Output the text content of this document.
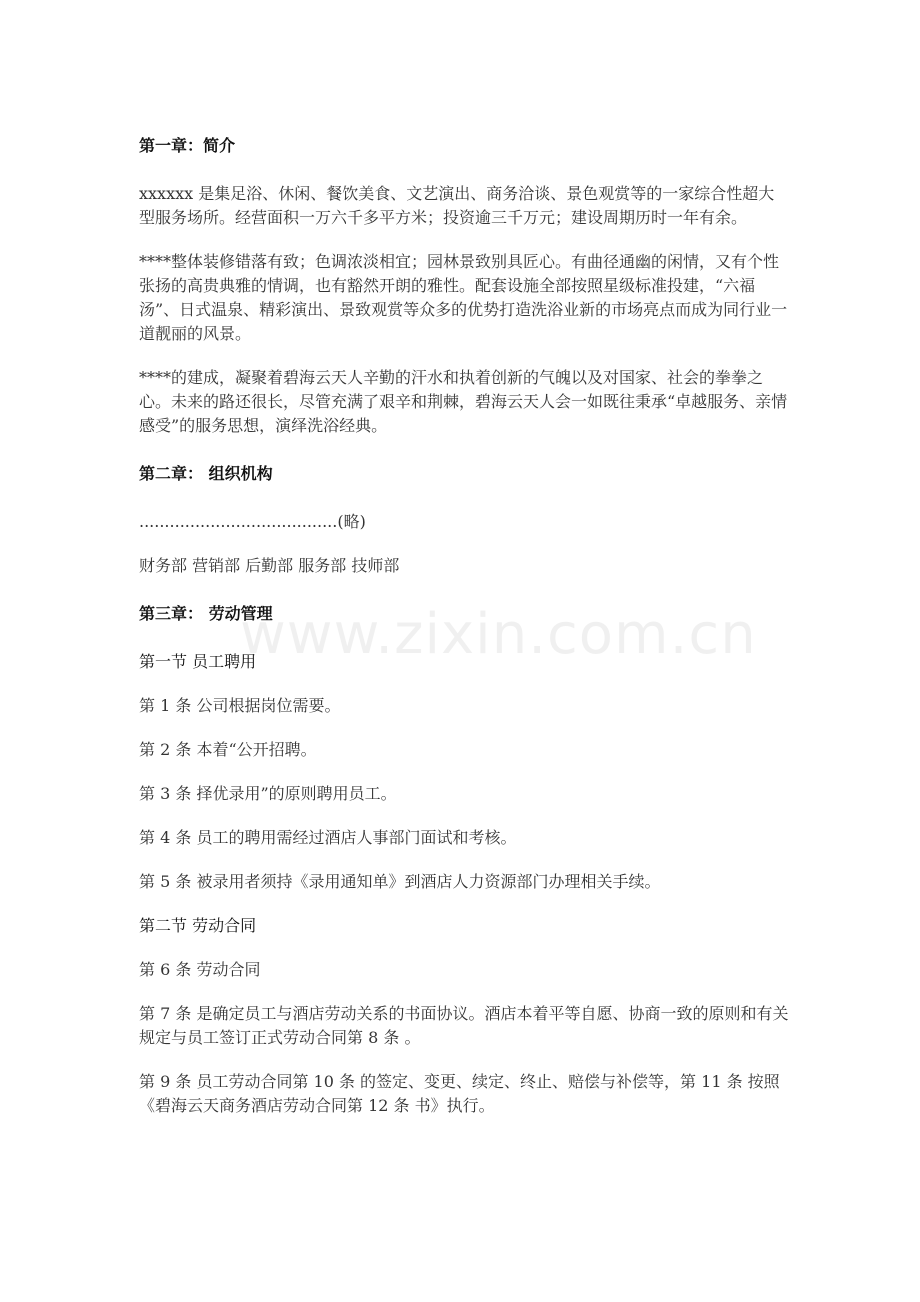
www.zixin.com.cn
第一章：简介
xxxxxx 是集足浴、休闲、餐饮美食、文艺演出、商务洽谈、景色观赏等的一家综合性超大型服务场所。经营面积一万六千多平方米；投资逾三千万元；建设周期历时一年有余。
****整体装修错落有致；色调浓淡相宜；园林景致别具匠心。有曲径通幽的闲情，又有个性张扬的高贵典雅的情调，也有豁然开朗的雅性。配套设施全部按照星级标准投建，“六福汤”、日式温泉、精彩演出、景致观赏等众多的优势打造洗浴业新的市场亮点而成为同行业一道靓丽的风景。
****的建成，凝聚着碧海云天人辛勤的汗水和执着创新的气魄以及对国家、社会的拳拳之心。未来的路还很长，尽管充满了艰辛和荆棘，碧海云天人会一如既往秉承“卓越服务、亲情感受”的服务思想，演绎洗浴经典。
第二章： 组织机构
.......................................(略)
财务部 营销部 后勤部 服务部 技师部
第三章： 劳动管理
第一节 员工聘用
第 1 条 公司根据岗位需要。
第 2 条 本着“公开招聘。
第 3 条 择优录用”的原则聘用员工。
第 4 条 员工的聘用需经过酒店人事部门面试和考核。
第 5 条 被录用者须持《录用通知单》到酒店人力资源部门办理相关手续。
第二节 劳动合同
第 6 条 劳动合同
第 7 条 是确定员工与酒店劳动关系的书面协议。酒店本着平等自愿、协商一致的原则和有关规定与员工签订正式劳动合同第 8 条 。
第 9 条 员工劳动合同第 10 条 的签定、变更、续定、终止、赔偿与补偿等，第 11 条 按照《碧海云天商务酒店劳动合同第 12 条 书》执行。
